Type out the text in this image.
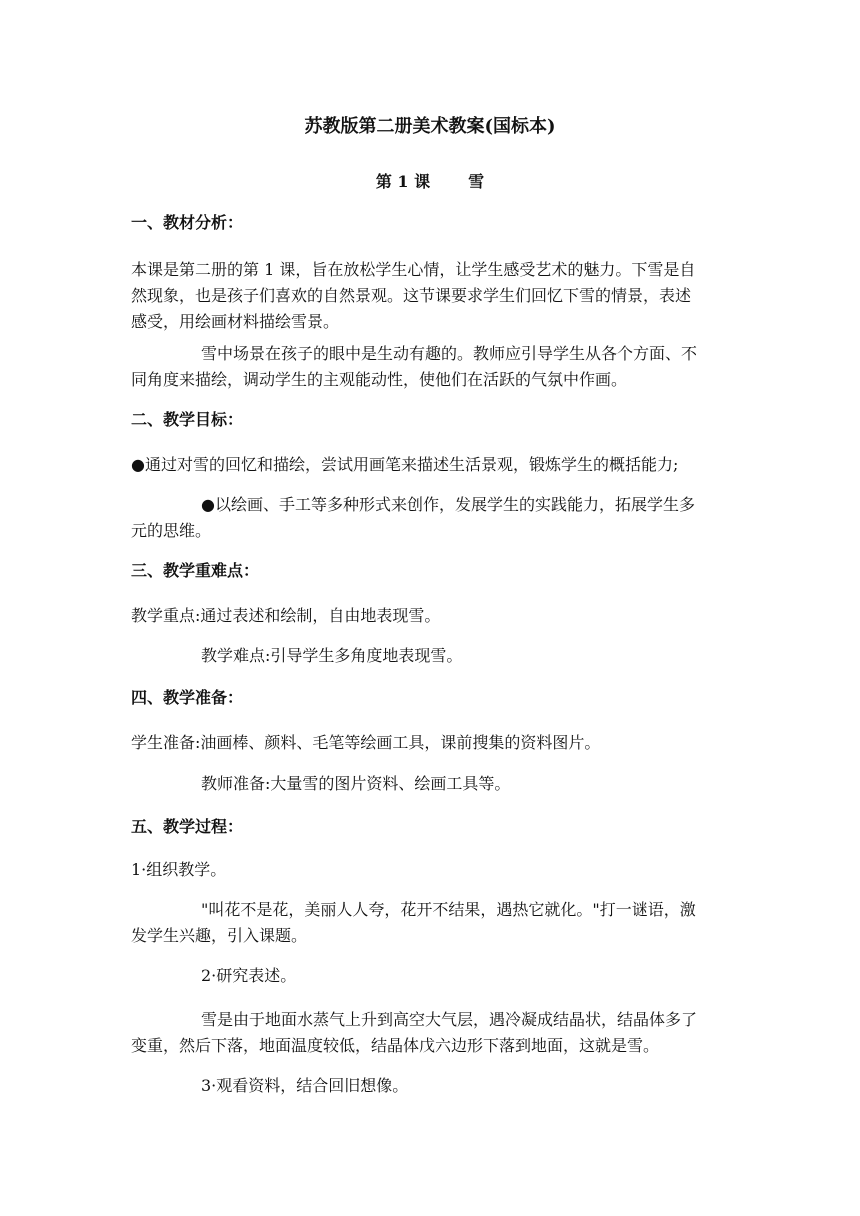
苏教版第二册美术教案(国标本)
第 1 课 雪
一、教材分析：
本课是第二册的第 1 课，旨在放松学生心情，让学生感受艺术的魅力。下雪是自
然现象，也是孩子们喜欢的自然景观。这节课要求学生们回忆下雪的情景，表述
感受，用绘画材料描绘雪景。
雪中场景在孩子的眼中是生动有趣的。教师应引导学生从各个方面、不
同角度来描绘，调动学生的主观能动性，使他们在活跃的气氛中作画。
二、教学目标：
●通过对雪的回忆和描绘，尝试用画笔来描述生活景观，锻炼学生的概括能力;
●以绘画、手工等多种形式来创作，发展学生的实践能力，拓展学生多
元的思维。
三、教学重难点：
教学重点:通过表述和绘制，自由地表现雪。
教学难点:引导学生多角度地表现雪。
四、教学准备：
学生准备:油画棒、颜料、毛笔等绘画工具，课前搜集的资料图片。
教师准备:大量雪的图片资料、绘画工具等。
五、教学过程：
1·组织教学。
"叫花不是花，美丽人人夸，花开不结果，遇热它就化。"打一谜语，激
发学生兴趣，引入课题。
2·研究表述。
雪是由于地面水蒸气上升到高空大气层，遇冷凝成结晶状，结晶体多了
变重，然后下落，地面温度较低，结晶体戊六边形下落到地面，这就是雪。
3·观看资料，结合回旧想像。
